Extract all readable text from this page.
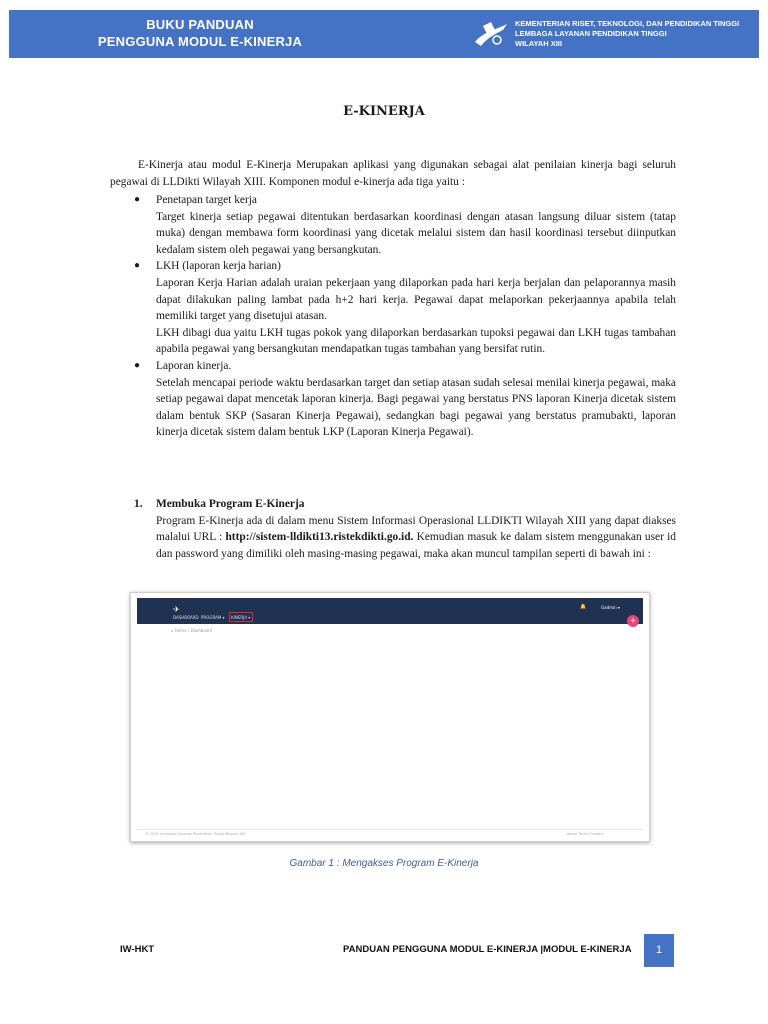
BUKU PANDUAN
PENGGUNA MODUL E-KINERJA
KEMENTERIAN RISET, TEKNOLOGI, DAN PENDIDIKAN TINGGI
LEMBAGA LAYANAN PENDIDIKAN TINGGI
WILAYAH XIII
E-KINERJA
E-Kinerja atau modul E-Kinerja Merupakan aplikasi yang digunakan sebagai alat penilaian kinerja bagi seluruh pegawai di LLDikti Wilayah XIII. Komponen modul e-kinerja ada tiga yaitu :
● Penetapan target kerja
Target kinerja setiap pegawai ditentukan berdasarkan koordinasi dengan atasan langsung diluar sistem (tatap muka) dengan membawa form koordinasi yang dicetak melalui sistem dan hasil koordinasi tersebut diinputkan kedalam sistem oleh pegawai yang bersangkutan.
● LKH (laporan kerja harian)
Laporan Kerja Harian adalah uraian pekerjaan yang dilaporkan pada hari kerja berjalan dan pelaporannya masih dapat dilakukan paling lambat pada h+2 hari kerja. Pegawai dapat melaporkan pekerjaannya apabila telah memiliki target yang disetujui atasan.
LKH dibagi dua yaitu LKH tugas pokok yang dilaporkan berdasarkan tupoksi pegawai dan LKH tugas tambahan apabila pegawai yang bersangkutan mendapatkan tugas tambahan yang bersifat rutin.
● Laporan kinerja.
Setelah mencapai periode waktu berdasarkan target dan setiap atasan sudah selesai menilai kinerja pegawai, maka setiap pegawai dapat mencetak laporan kinerja. Bagi pegawai yang berstatus PNS laporan Kinerja dicetak sistem dalam bentuk SKP (Sasaran Kinerja Pegawai), sedangkan bagi pegawai yang berstatus pramubakti, laporan kinerja dicetak sistem dalam bentuk LKP (Laporan Kinerja Pegawai).
1. Membuka Program E-Kinerja
Program E-Kinerja ada di dalam menu Sistem Informasi Operasional LLDIKTI Wilayah XIII yang dapat diakses malalui URL : http://sistem-lldikti13.ristekdikti.go.id. Kemudian masuk ke dalam sistem menggunakan user id dan password yang dimiliki oleh masing-masing pegawai, maka akan muncul tampilan seperti di bawah ini :
✈
DASHBOARD PROGRAM ▾ KINERJA ▾
🔔	Gadmin ▾
⌂ Home / Dashboard
+
© 2019 Lembaga Layanan Pendidikan Tinggi Wilayah XIII	About Terms Contact
Gambar 1 : Mengakses Program E-Kinerja
IW-HKT	PANDUAN PENGGUNA MODUL E-KINERJA |MODUL E-KINERJA	1
